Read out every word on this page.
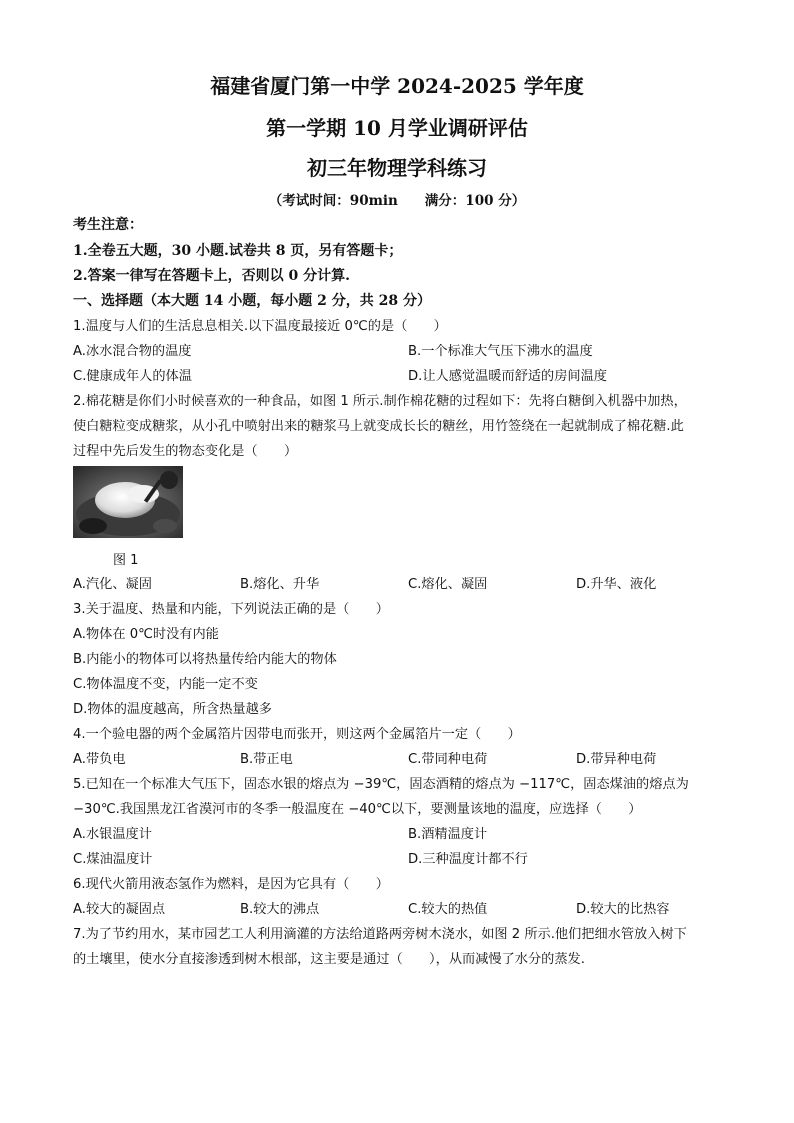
福建省厦门第一中学 2024-2025 学年度
第一学期 10 月学业调研评估
初三年物理学科练习
（考试时间：90min　　满分：100 分）
考生注意：
1.全卷五大题，30 小题.试卷共 8 页，另有答题卡；
2.答案一律写在答题卡上，否则以 0 分计算.
一、选择题（本大题 14 小题，每小题 2 分，共 28 分）
1.温度与人们的生活息息相关.以下温度最接近 0℃的是（　　）
A.冰水混合物的温度	B.一个标准大气压下沸水的温度
C.健康成年人的体温	D.让人感觉温暖而舒适的房间温度
2.棉花糖是你们小时候喜欢的一种食品，如图 1 所示.制作棉花糖的过程如下：先将白糖倒入机器中加热，
使白糖粒变成糖浆，从小孔中喷射出来的糖浆马上就变成长长的糖丝，用竹签绕在一起就制成了棉花糖.此
过程中先后发生的物态变化是（　　）
图 1
A.汽化、凝固	B.熔化、升华	C.熔化、凝固	D.升华、液化
3.关于温度、热量和内能，下列说法正确的是（　　）
A.物体在 0℃时没有内能
B.内能小的物体可以将热量传给内能大的物体
C.物体温度不变，内能一定不变
D.物体的温度越高，所含热量越多
4.一个验电器的两个金属箔片因带电而张开，则这两个金属箔片一定（　　）
A.带负电	B.带正电	C.带同种电荷	D.带异种电荷
5.已知在一个标准大气压下，固态水银的熔点为 −39℃，固态酒精的熔点为 −117℃，固态煤油的熔点为
−30℃.我国黑龙江省漠河市的冬季一般温度在 −40℃以下，要测量该地的温度，应选择（　　）
A.水银温度计	B.酒精温度计
C.煤油温度计	D.三种温度计都不行
6.现代火箭用液态氢作为燃料，是因为它具有（　　）
A.较大的凝固点	B.较大的沸点	C.较大的热值	D.较大的比热容
7.为了节约用水，某市园艺工人利用滴灌的方法给道路两旁树木浇水，如图 2 所示.他们把细水管放入树下
的土壤里，使水分直接渗透到树木根部，这主要是通过（　　），从而减慢了水分的蒸发.
